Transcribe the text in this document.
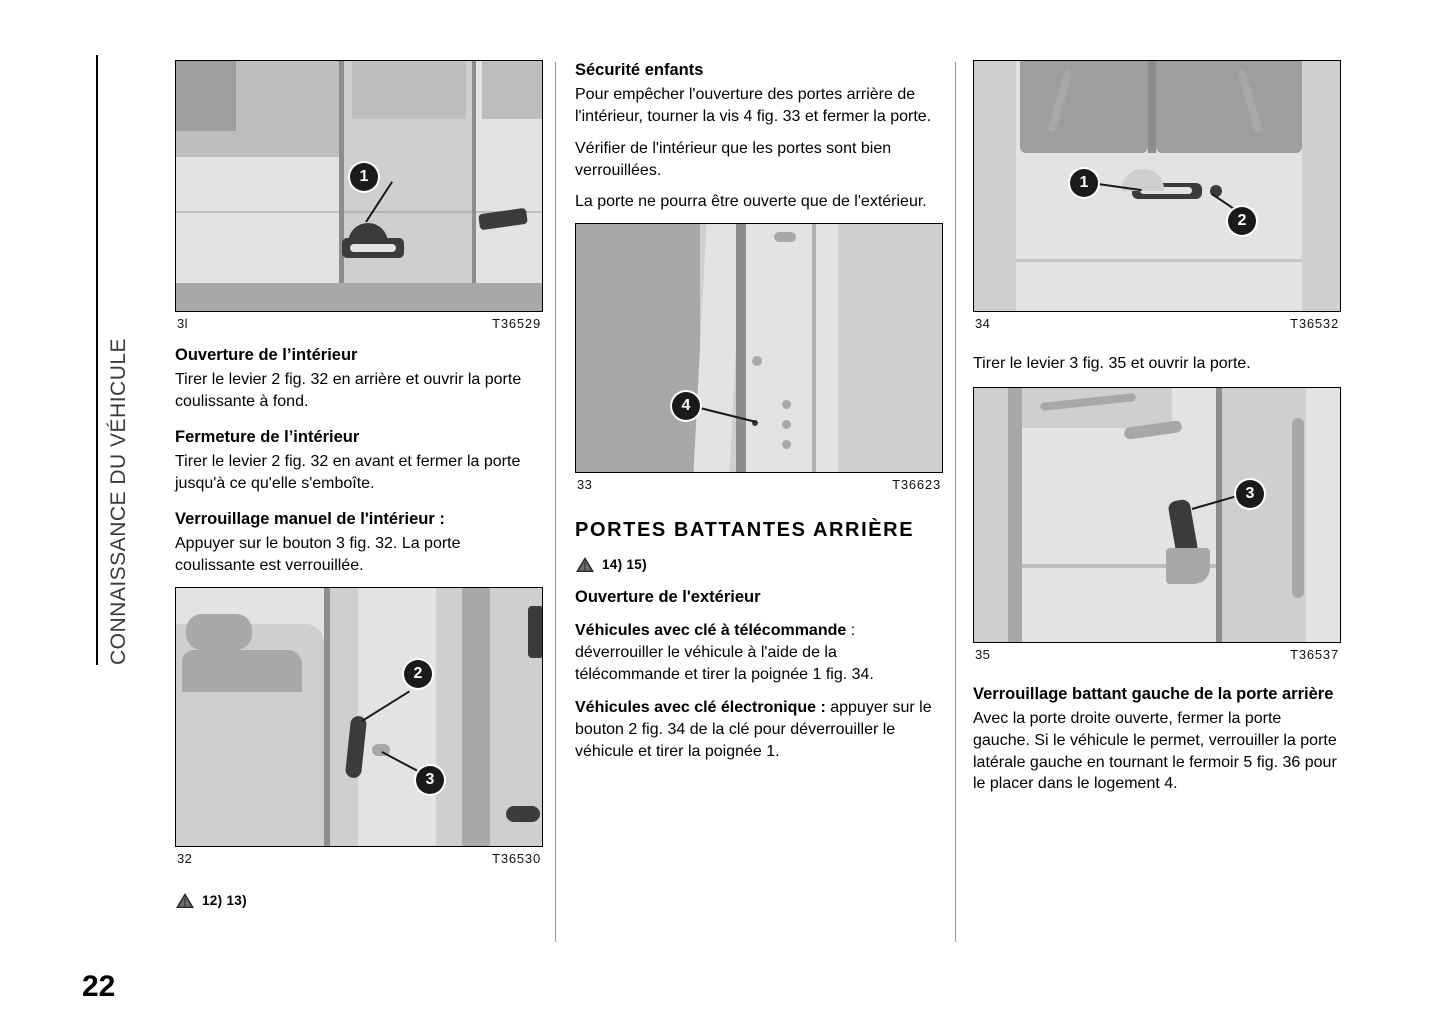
CONNAISSANCE DU VÉHICULE
22
1
3l	T36529
Ouverture de l’intérieur

Tirer le levier 2 fig. 32 en arrière et ouvrir la porte coulissante à fond.

Fermeture de l’intérieur

Tirer le levier 2 fig. 32 en avant et fermer la porte jusqu'à ce qu'elle s'emboîte.

Verrouillage manuel de l'intérieur :

Appuyer sur le bouton 3 fig. 32. La porte coulissante est verrouillée.

2
3
32	T36530
12) 13)
Sécurité enfants

Pour empêcher l'ouverture des portes arrière de l'intérieur, tourner la vis 4 fig. 33 et fermer la porte.

Vérifier de l'intérieur que les portes sont bien verrouillées.

La porte ne pourra être ouverte que de l'extérieur.

4
33	T36623
PORTES BATTANTES ARRIÈRE
14) 15)
Ouverture de l'extérieur

Véhicules avec clé à télécommande : déverrouiller le véhicule à l'aide de la télécommande et tirer la poignée 1 fig. 34.

Véhicules avec clé électronique : appuyer sur le bouton 2 fig. 34 de la clé pour déverrouiller le véhicule et tirer la poignée 1.

1
2
34	T36532

Tirer le levier 3 fig. 35 et ouvrir la porte.

3
35	T36537
Verrouillage battant gauche de la porte arrière

Avec la porte droite ouverte, fermer la porte gauche. Si le véhicule le permet, verrouiller la porte latérale gauche en tournant le fermoir 5 fig. 36 pour le placer dans le logement 4.
